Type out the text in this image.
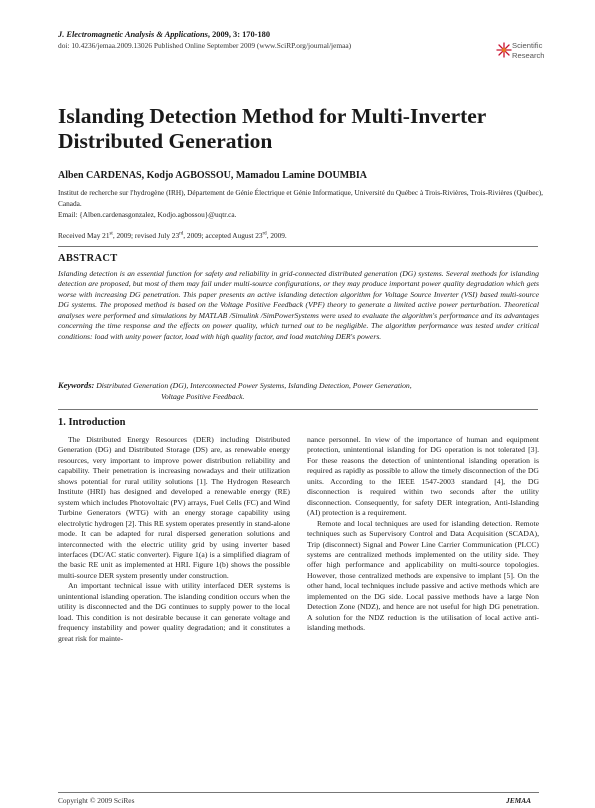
J. Electromagnetic Analysis & Applications, 2009, 3: 170-180
doi: 10.4236/jemaa.2009.13026 Published Online September 2009 (www.SciRP.org/journal/jemaa)	Scientific
Research
Islanding Detection Method for Multi-Inverter Distributed Generation
Alben CARDENAS, Kodjo AGBOSSOU, Mamadou Lamine DOUMBIA
Institut de recherche sur l'hydrogène (IRH), Département de Génie Électrique et Génie Informatique, Université du Québec à Trois-Rivières, Trois-Rivières (Québec), Canada.
Email: {Alben.cardenasgonzalez, Kodjo.agbossou}@uqtr.ca.
Received May 21st, 2009; revised July 23rd, 2009; accepted August 23rd, 2009.
ABSTRACT
Islanding detection is an essential function for safety and reliability in grid-connected distributed generation (DG) systems. Several methods for islanding detection are proposed, but most of them may fail under multi-source configurations, or they may produce important power quality degradation which gets worse with increasing DG penetration. This paper presents an active islanding detection algorithm for Voltage Source Inverter (VSI) based multi-source DG systems. The proposed method is based on the Voltage Positive Feedback (VPF) theory to generate a limited active power perturbation. Theoretical analyses were performed and simulations by MATLAB /Simulink /SimPowerSystems were used to evaluate the algorithm's performance and its advantages concerning the time response and the effects on power quality, which turned out to be negligible. The algorithm performance was tested under critical conditions: load with unity power factor, load with high quality factor, and load matching DER's powers.
Keywords: Distributed Generation (DG), Interconnected Power Systems, Islanding Detection, Power Generation,
Voltage Positive Feedback.
1. Introduction

The Distributed Energy Resources (DER) including Distributed Generation (DG) and Distributed Storage (DS) are, as renewable energy resources, very important to improve power distribution reliability and capability. Their penetration is increasing nowadays and their utilization shows potential for rural utility solutions [1]. The Hydrogen Research Institute (HRI) has designed and developed a renewable energy (RE) system which includes Photovoltaic (PV) arrays, Fuel Cells (FC) and Wind Turbine Generators (WTG) with an energy storage capability using electrolytic hydrogen [2]. This RE system operates presently in stand-alone mode. It can be adapted for rural dispersed generation solutions and interconnected with the electric utility grid by using inverter based interfaces (DC/AC static converter). Figure 1(a) is a simplified diagram of the basic RE unit as implemented at HRI. Figure 1(b) shows the possible multi-source DER system presently under construction.

An important technical issue with utility interfaced DER systems is unintentional islanding operation. The islanding condition occurs when the utility is disconnected and the DG continues to supply power to the local load. This condition is not desirable because it can generate voltage and frequency instability and power quality degradation; and it constitutes a great risk for mainte-

nance personnel. In view of the importance of human and equipment protection, unintentional islanding for DG operation is not tolerated [3]. For these reasons the detection of unintentional islanding operation is required as rapidly as possible to allow the timely disconnection of the DG units. According to the IEEE 1547-2003 standard [4], the DG disconnection is required within two seconds after the utility disconnection. Consequently, for safety DER integration, Anti-Islanding (AI) protection is a requirement.

Remote and local techniques are used for islanding detection. Remote techniques such as Supervisory Control and Data Acquisition (SCADA), Trip (disconnect) Signal and Power Line Carrier Communication (PLCC) systems are centralized methods implemented on the utility side. They offer high performance and applicability on multi-source topologies. However, those centralized methods are expensive to implant [5]. On the other hand, local techniques include passive and active methods which are implemented on the DG side. Local passive methods have a large Non Detection Zone (NDZ), and hence are not useful for high DG penetration. A solution for the NDZ reduction is the utilisation of local active anti-islanding methods.

Copyright © 2009 SciRes	JEMAA
